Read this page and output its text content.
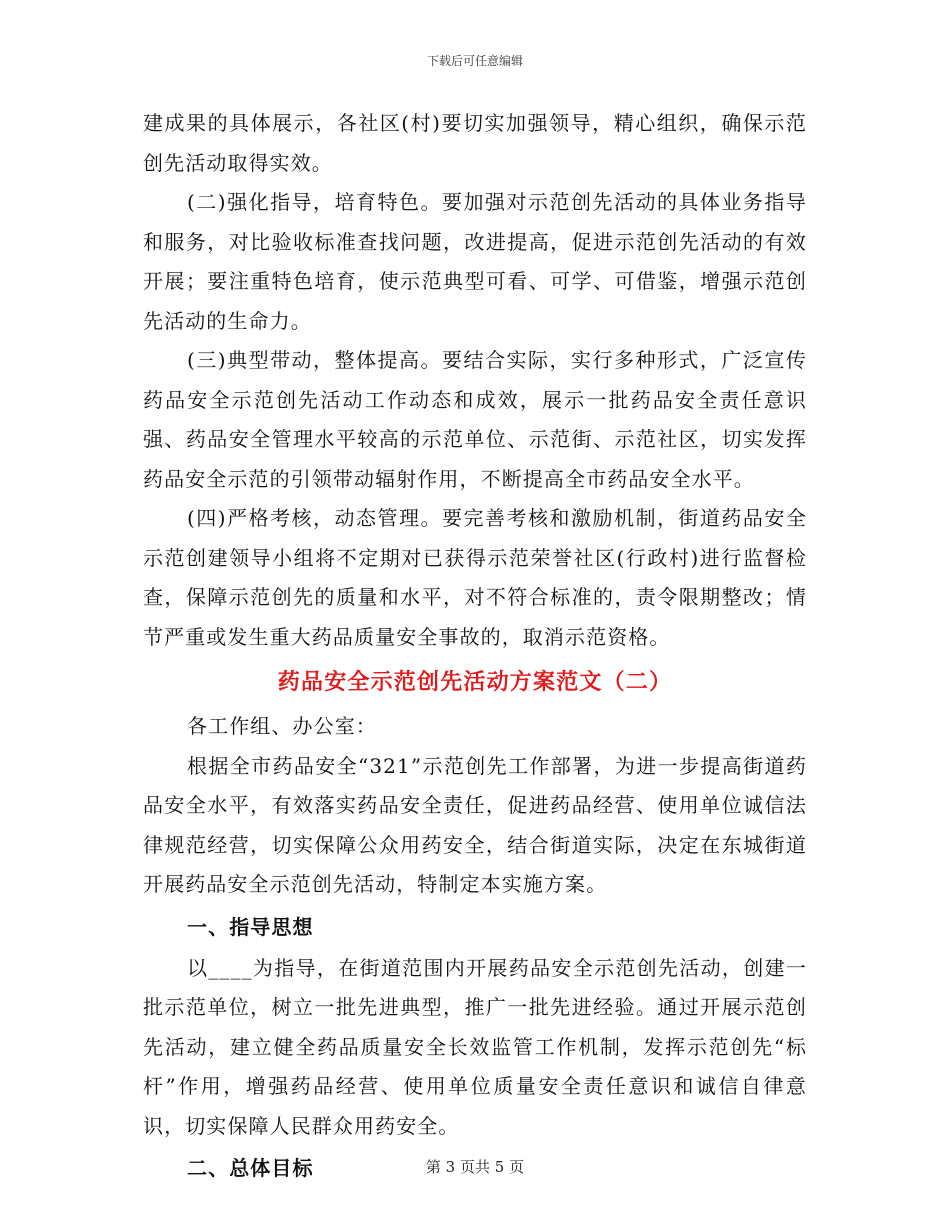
下载后可任意编辑

建成果的具体展示，各社区(村)要切实加强领导，精心组织，确保示范创先活动取得实效。

(二)强化指导，培育特色。要加强对示范创先活动的具体业务指导和服务，对比验收标准查找问题，改进提高，促进示范创先活动的有效开展；要注重特色培育，使示范典型可看、可学、可借鉴，增强示范创先活动的生命力。

(三)典型带动，整体提高。要结合实际，实行多种形式，广泛宣传药品安全示范创先活动工作动态和成效，展示一批药品安全责任意识强、药品安全管理水平较高的示范单位、示范街、示范社区，切实发挥药品安全示范的引领带动辐射作用，不断提高全市药品安全水平。

(四)严格考核，动态管理。要完善考核和激励机制，街道药品安全示范创建领导小组将不定期对已获得示范荣誉社区(行政村)进行监督检查，保障示范创先的质量和水平，对不符合标准的，责令限期整改；情节严重或发生重大药品质量安全事故的，取消示范资格。

药品安全示范创先活动方案范文（二）

各工作组、办公室：

根据全市药品安全“321”示范创先工作部署，为进一步提高街道药品安全水平，有效落实药品安全责任，促进药品经营、使用单位诚信法律规范经营，切实保障公众用药安全，结合街道实际，决定在东城街道开展药品安全示范创先活动，特制定本实施方案。

一、指导思想

以____为指导，在街道范围内开展药品安全示范创先活动，创建一批示范单位，树立一批先进典型，推广一批先进经验。通过开展示范创先活动，建立健全药品质量安全长效监管工作机制，发挥示范创先“标杆”作用，增强药品经营、使用单位质量安全责任意识和诚信自律意识，切实保障人民群众用药安全。

二、总体目标	第 3 页共 5 页
